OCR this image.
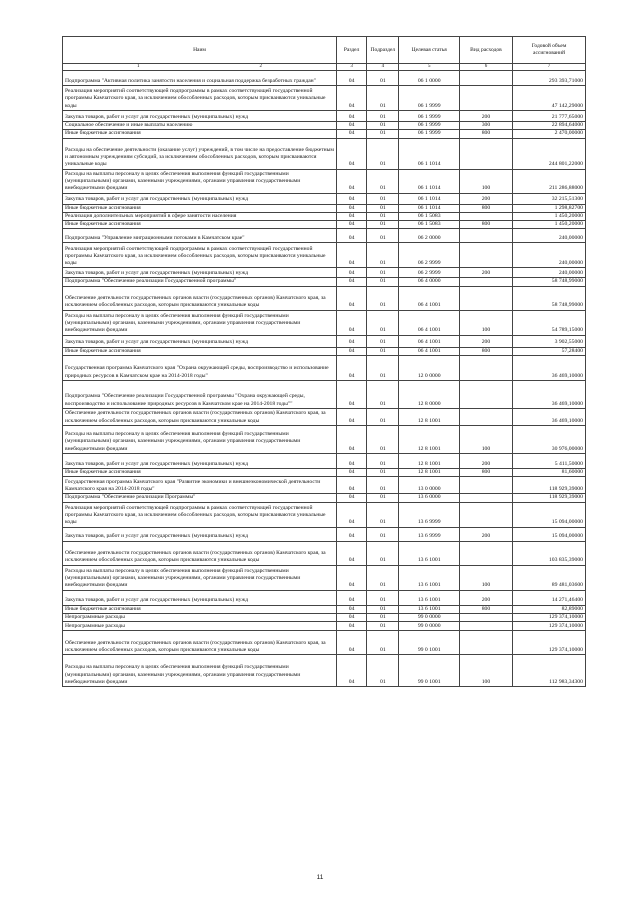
Наим	Раздел	Подраздел	Целевая статья	Вид расходов	Годовой объем ассигнований
1 2	3	4	5	6	7
Подпрограмма "Активная политика занятости населения и социальная поддержка безработных граждан"	04	01	06 1 0000		293 393,71000
Реализация мероприятий соответствующей подпрограммы в рамках соответствующей государственной программы Камчатского края, за исключением обособленных расходов, которым присваиваются уникальные коды	04	01	06 1 9999		47 142,29000
Закупка товаров, работ и услуг для государственных (муниципальных) нужд	04	01	06 1 9999	200	21 777,65000
Социальное обеспечение и иные выплаты населению	04	01	06 1 9999	300	22 894,64000
Иные бюджетные ассигнования	04	01	06 1 9999	800	2 470,00000
Расходы на обеспечение деятельности (оказание услуг) учреждений, в том числе на предоставление бюджетным и автономным учреждениям субсидий, за исключением обособленных расходов, которым присваиваются уникальные коды	04	01	06 1 1014		244 801,22000
Расходы на выплаты персоналу в целях обеспечения выполнения функций государственными (муниципальными) органами, казенными учреждениями, органами управления государственными внебюджетными фондами	04	01	06 1 1014	100	211 286,88000
Закупка товаров, работ и услуг для государственных (муниципальных) нужд	04	01	06 1 1014	200	32 215,51300
Иные бюджетные ассигнования	04	01	06 1 1014	800	1 298,82700
Реализация дополнительных мероприятий в сфере занятости населения	04	01	06 1 5083		1 450,20000
Иные бюджетные ассигнования	04	01	06 1 5083	800	1 450,20000
Подпрограмма "Управление миграционными потоками в Камчатском крае"	04	01	06 2 0000		240,00000
Реализация мероприятий соответствующей подпрограммы в рамках соответствующей государственной программы Камчатского края, за исключением обособленных расходов, которым присваиваются уникальные коды	04	01	06 2 9999		240,00000
Закупка товаров, работ и услуг для государственных (муниципальных) нужд	04	01	06 2 9999	200	240,00000
Подпрограмма "Обеспечение реализации Государственной программы"	04	01	06 4 0000		58 748,99000
Обеспечение деятельности государственных органов власти (государственных органов) Камчатского края, за исключением обособленных расходов, которым присваиваются уникальные коды	04	01	06 4 1001		58 748,99000
Расходы на выплаты персоналу в целях обеспечения выполнения функций государственными (муниципальными) органами, казенными учреждениями, органами управления государственными внебюджетными фондами	04	01	06 4 1001	100	54 789,15000
Закупка товаров, работ и услуг для государственных (муниципальных) нужд	04	01	06 4 1001	200	3 902,55000
Иные бюджетные ассигнования	04	01	06 4 1001	800	57,28400
Государственная программа Камчатского края "Охрана окружающей среды, воспроизводство и использование природных ресурсов в Камчатском крае на 2014-2018 годы"	04	01	12 0 0000		36 469,10000
Подпрограмма "Обеспечение реализации Государственной программы "Охрана окружающей среды, воспроизводство и использование природных ресурсов в Камчатском крае на 2014-2018 годы""	04	01	12 8 0000		36 469,10000
Обеспечение деятельности государственных органов власти (государственных органов) Камчатского края, за исключением обособленных расходов, которым присваиваются уникальные коды	04	01	12 8 1001		36 469,10000
Расходы на выплаты персоналу в целях обеспечения выполнения функций государственными (муниципальными) органами, казенными учреждениями, органами управления государственными внебюджетными фондами	04	01	12 8 1001	100	30 976,00000
Закупка товаров, работ и услуг для государственных (муниципальных) нужд	04	01	12 8 1001	200	5 411,50000
Иные бюджетные ассигнования	04	01	12 8 1001	800	81,60000
Государственная программа Камчатского края "Развитие экономики и внешнеэкономической деятельности Камчатского края на 2014-2018 годы"	04	01	13 0 0000		118 929,39000
Подпрограмма "Обеспечение реализации Программы"	04	01	13 6 0000		118 929,39000
Реализация мероприятий соответствующей подпрограммы в рамках соответствующей государственной программы Камчатского края, за исключением обособленных расходов, которым присваиваются уникальные коды	04	01	13 6 9999		15 094,00000
Закупка товаров, работ и услуг для государственных (муниципальных) нужд	04	01	13 6 9999	200	15 094,00000
Обеспечение деятельности государственных органов власти (государственных органов) Камчатского края, за исключением обособленных расходов, которым присваиваются уникальные коды	04	01	13 6 1001		103 835,39000
Расходы на выплаты персоналу в целях обеспечения выполнения функций государственными (муниципальными) органами, казенными учреждениями, органами управления государственными внебюджетными фондами	04	01	13 6 1001	100	89 481,03600
Закупка товаров, работ и услуг для государственных (муниципальных) нужд	04	01	13 6 1001	200	14 271,46400
Иные бюджетные ассигнования	04	01	13 6 1001	800	82,89000
Непрограммные расходы	04	01	99 0 0000		129 374,10000
Непрограммные расходы	04	01	99 0 0000		129 374,10000
Обеспечение деятельности государственных органов власти (государственных органов) Камчатского края, за исключением обособленных расходов, которым присваиваются уникальные коды	04	01	99 0 1001		129 374,10000
Расходы на выплаты персоналу в целях обеспечения выполнения функций государственными (муниципальными) органами, казенными учреждениями, органами управления государственными внебюджетными фондами	04	01	99 0 1001	100	112 983,34300
11
